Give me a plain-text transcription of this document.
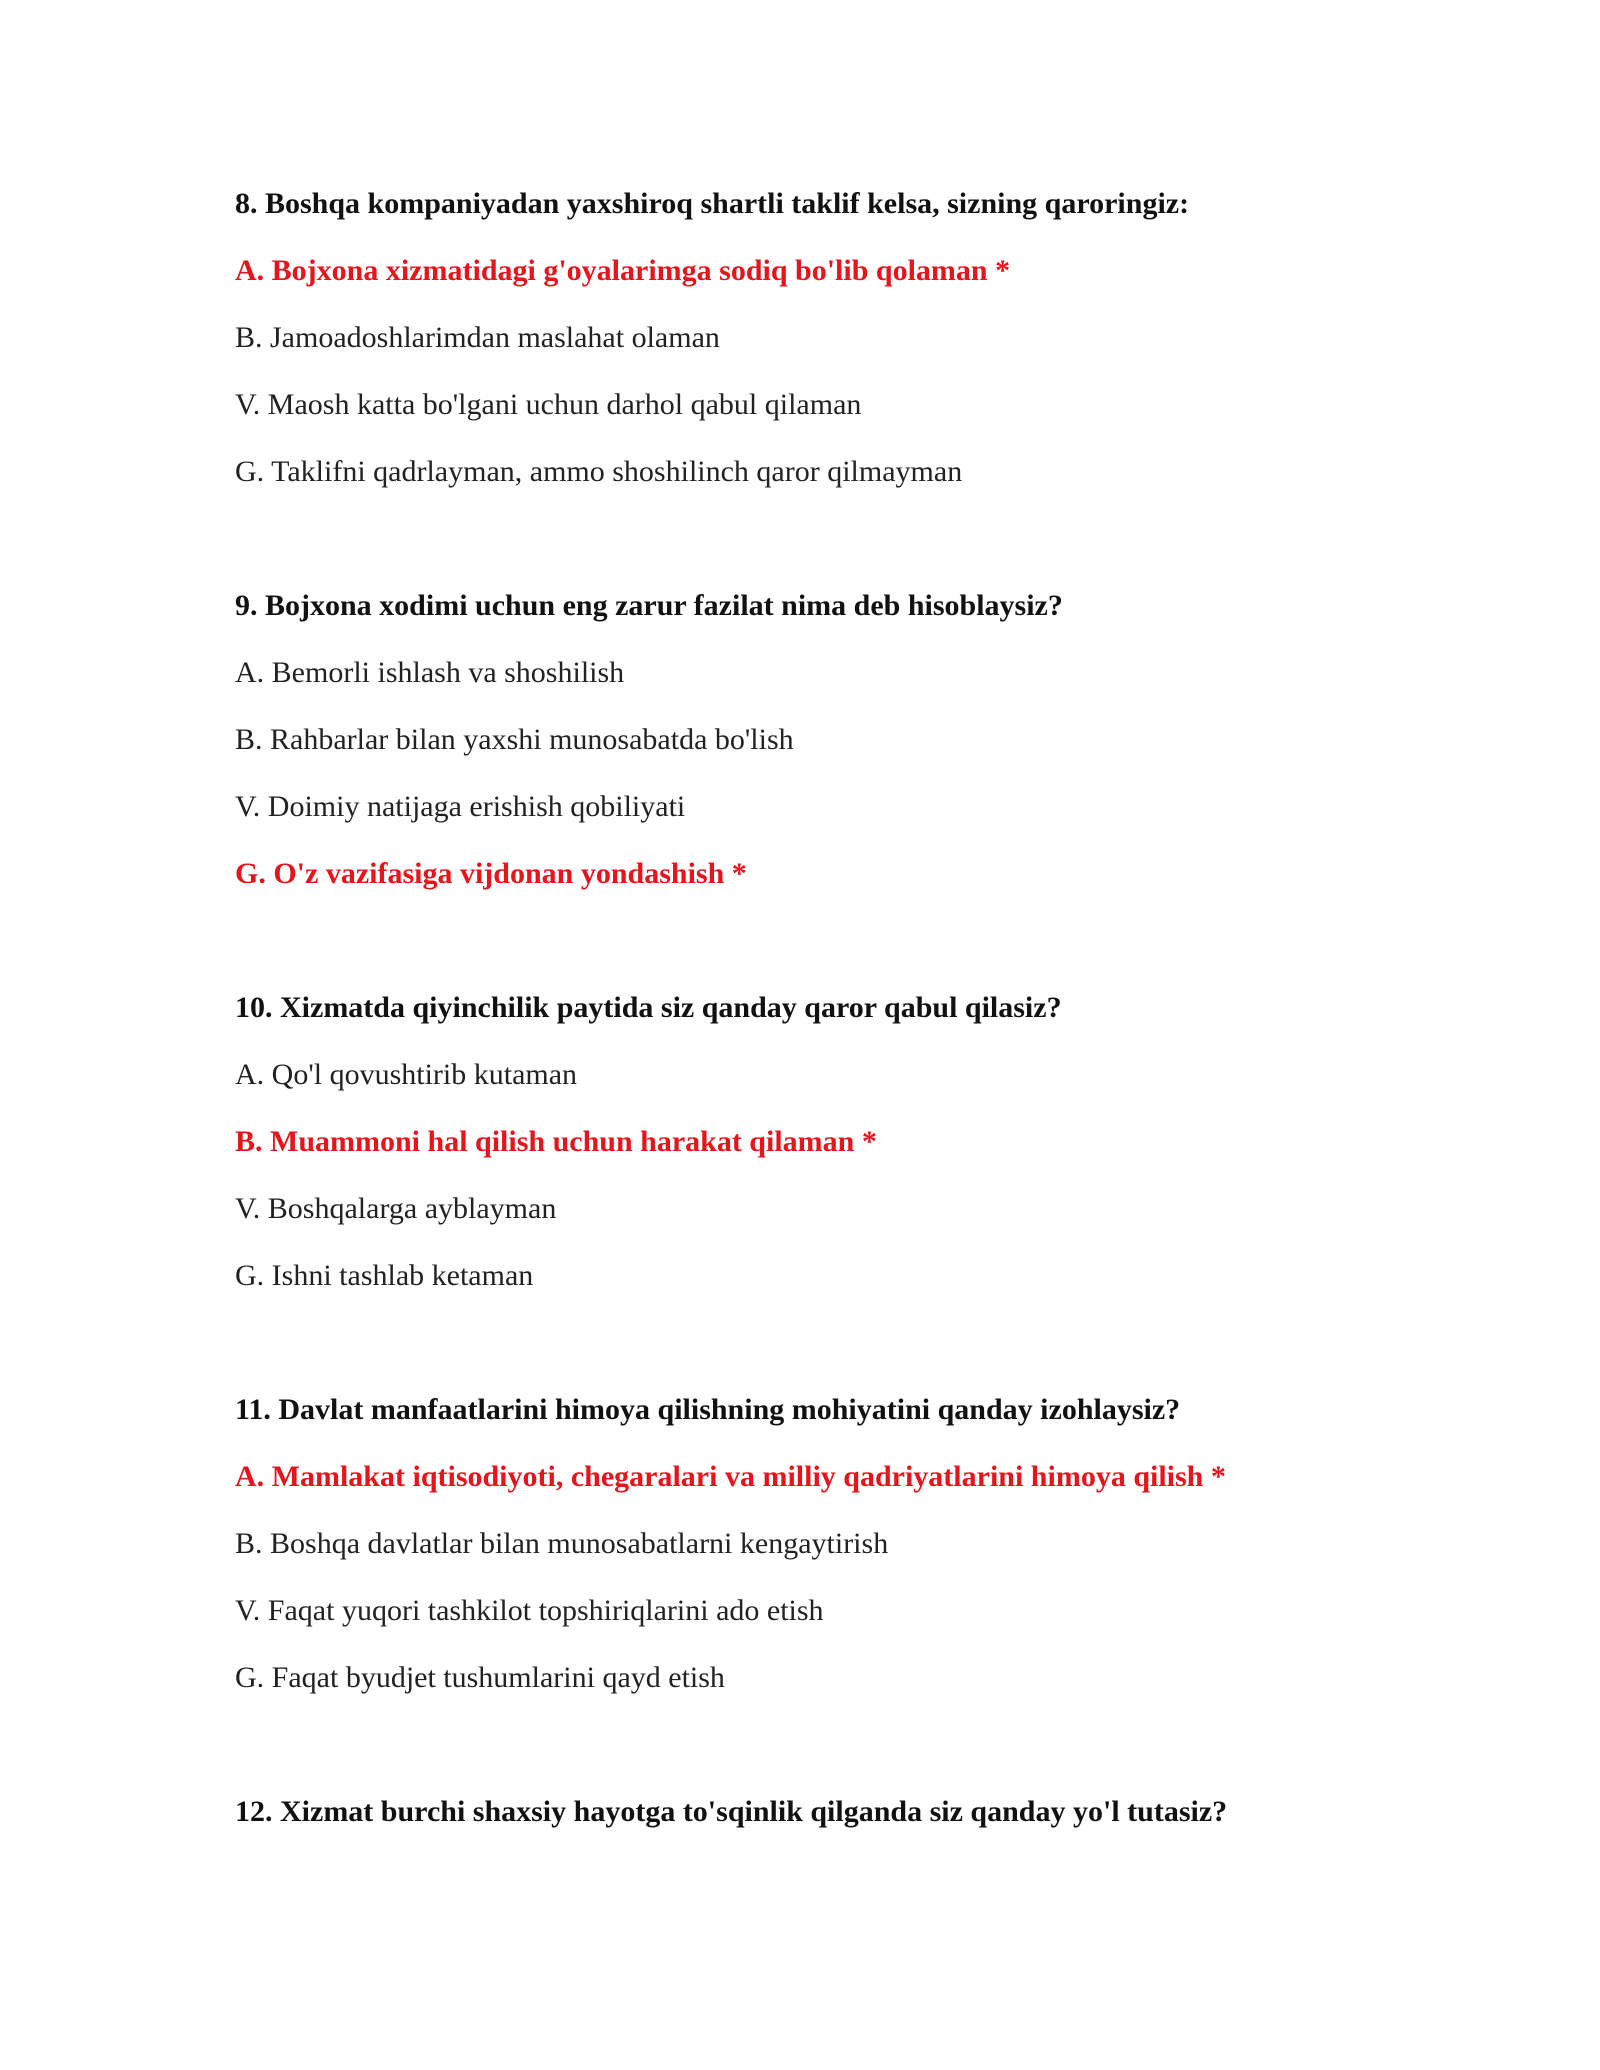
8. Boshqa kompaniyadan yaxshiroq shartli taklif kelsa, sizning qaroringiz:
A. Bojxona xizmatidagi g'oyalarimga sodiq bo'lib qolaman *
B. Jamoadoshlarimdan maslahat olaman
V. Maosh katta bo'lgani uchun darhol qabul qilaman
G. Taklifni qadrlayman, ammo shoshilinch qaror qilmayman
9. Bojxona xodimi uchun eng zarur fazilat nima deb hisoblaysiz?
A. Bemorli ishlash va shoshilish
B. Rahbarlar bilan yaxshi munosabatda bo'lish
V. Doimiy natijaga erishish qobiliyati
G. O'z vazifasiga vijdonan yondashish *
10. Xizmatda qiyinchilik paytida siz qanday qaror qabul qilasiz?
A. Qo'l qovushtirib kutaman
B. Muammoni hal qilish uchun harakat qilaman *
V. Boshqalarga ayblayman
G. Ishni tashlab ketaman
11. Davlat manfaatlarini himoya qilishning mohiyatini qanday izohlaysiz?
A. Mamlakat iqtisodiyoti, chegaralari va milliy qadriyatlarini himoya qilish *
B. Boshqa davlatlar bilan munosabatlarni kengaytirish
V. Faqat yuqori tashkilot topshiriqlarini ado etish
G. Faqat byudjet tushumlarini qayd etish
12. Xizmat burchi shaxsiy hayotga to'sqinlik qilganda siz qanday yo'l tutasiz?
